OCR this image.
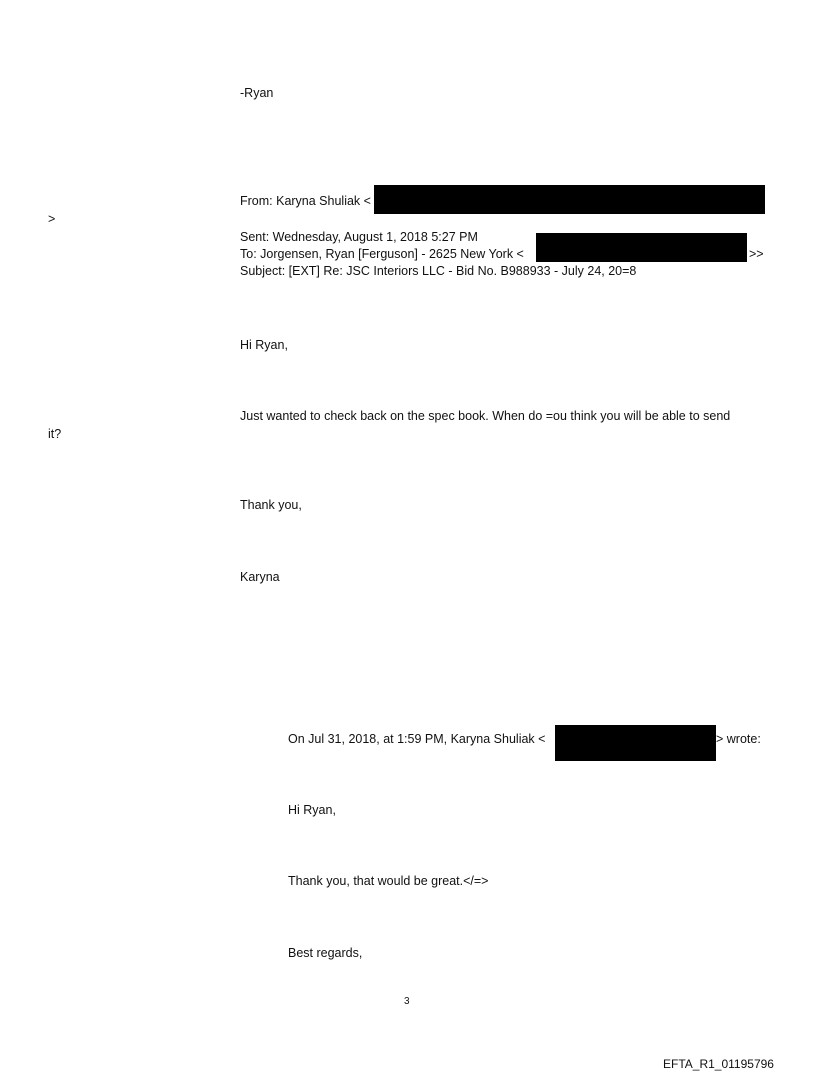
-Ryan
From: Karyna Shuliak <
>
Sent: Wednesday, August 1, 2018 5:27 PM
To: Jorgensen, Ryan [Ferguson] - 2625 New York <	>>
Subject: [EXT] Re: JSC Interiors LLC - Bid No. B988933 - July 24, 20=8
Hi Ryan,
Just wanted to check back on the spec book. When do =ou think you will be able to send
it?
Thank you,
Karyna
On Jul 31, 2018, at 1:59 PM, Karyna Shuliak <	> wrote:
Hi Ryan,
Thank you, that would be great.</=>
Best regards,
3
EFTA_R1_01195796
